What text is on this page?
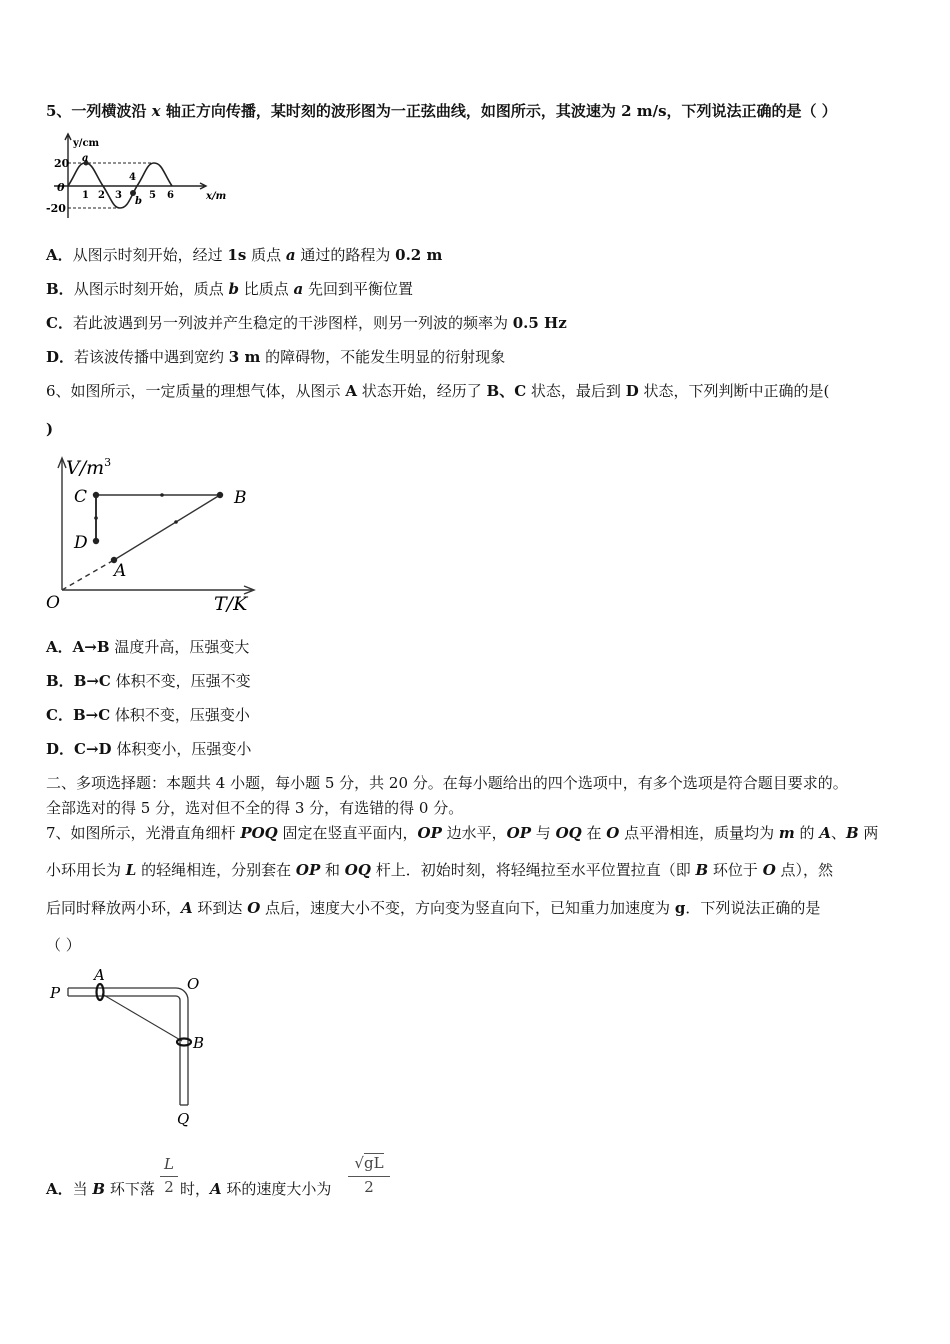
5、一列横波沿 x 轴正方向传播，某时刻的波形图为一正弦曲线，如图所示，其波速为 2 m/s，下列说法正确的是（ ）
y/cm
x/m
20
-20
0
a
4
b
1 2 3	5 6
A．从图示时刻开始，经过 1s 质点 a 通过的路程为 0.2 m
B．从图示时刻开始，质点 b 比质点 a 先回到平衡位置
C．若此波遇到另一列波并产生稳定的干涉图样，则另一列波的频率为 0.5 Hz
D．若该波传播中遇到宽约 3 m 的障碍物，不能发生明显的衍射现象
6、如图所示，一定质量的理想气体，从图示 A 状态开始，经历了 B、C 状态，最后到 D 状态，下列判断中正确的是(
)
$V/m^3$
T/K
O
C	B
D
A
A．A→B 温度升高，压强变大
B．B→C 体积不变，压强不变
C．B→C 体积不变，压强变小
D．C→D 体积变小，压强变小
二、多项选择题：本题共 4 小题，每小题 5 分，共 20 分。在每小题给出的四个选项中，有多个选项是符合题目要求的。
全部选对的得 5 分，选对但不全的得 3 分，有选错的得 0 分。
7、如图所示，光滑直角细杆 POQ 固定在竖直平面内，OP 边水平，OP 与 OQ 在 O 点平滑相连，质量均为 m 的 A、B 两
小环用长为 L 的轻绳相连，分别套在 OP 和 OQ 杆上．初始时刻，将轻绳拉至水平位置拉直（即 B 环位于 O 点），然
后同时释放两小环，A 环到达 O 点后，速度大小不变，方向变为竖直向下，已知重力加速度为 g．下列说法正确的是
（ ）
P
A	O
B
Q
A．当 B 环下落 $\frac{L}{2}$ 时，A 环的速度大小为 $\frac{√gL}{2}$
